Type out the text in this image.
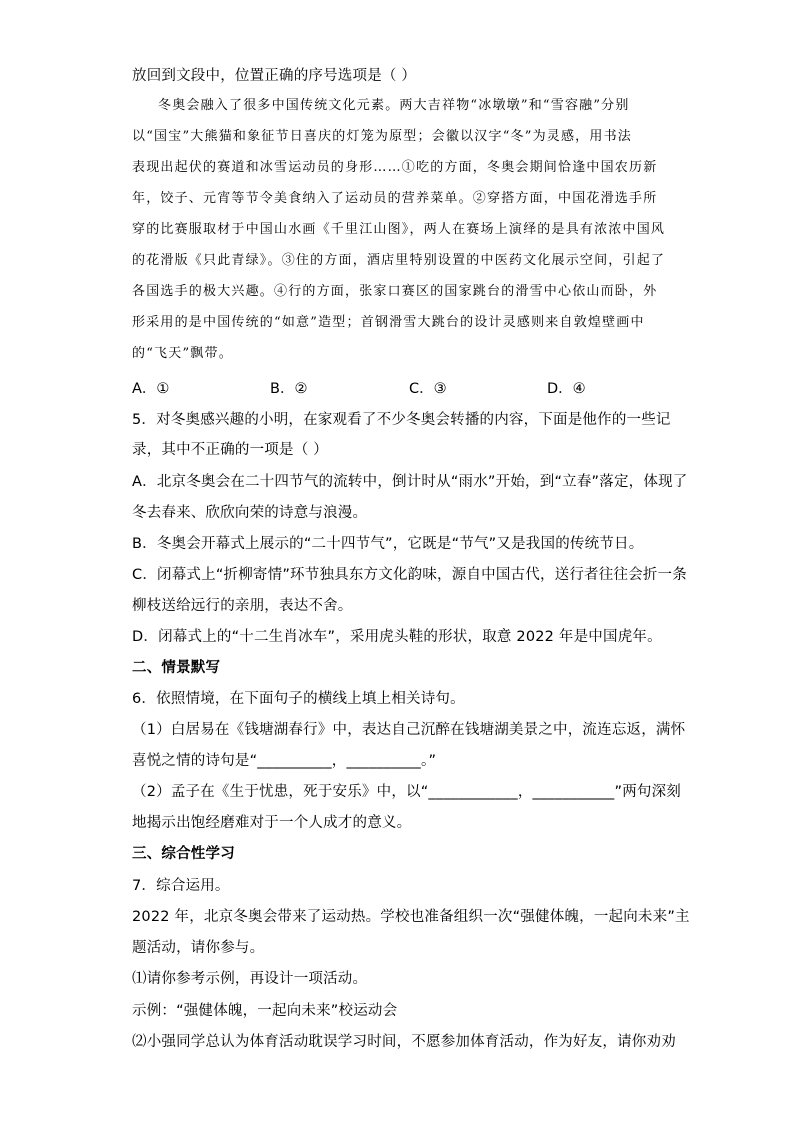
放回到文段中，位置正确的序号选项是（ ）
冬奥会融入了很多中国传统文化元素。两大吉祥物“冰墩墩”和“雪容融”分别
以“国宝”大熊猫和象征节日喜庆的灯笼为原型；会徽以汉字“冬”为灵感，用书法
表现出起伏的赛道和冰雪运动员的身形……①吃的方面，冬奥会期间恰逢中国农历新
年，饺子、元宵等节令美食纳入了运动员的营养菜单。②穿搭方面，中国花滑选手所
穿的比赛服取材于中国山水画《千里江山图》，两人在赛场上演绎的是具有浓浓中国风
的花滑版《只此青绿》。③住的方面，酒店里特别设置的中医药文化展示空间，引起了
各国选手的极大兴趣。④行的方面，张家口赛区的国家跳台的滑雪中心依山而卧，外
形采用的是中国传统的“如意”造型；首钢滑雪大跳台的设计灵感则来自敦煌壁画中
的“飞天”飘带。
A．①	B．②	C．③	D．④
5．对冬奥感兴趣的小明，在家观看了不少冬奥会转播的内容，下面是他作的一些记
录，其中不正确的一项是（ ）
A．北京冬奥会在二十四节气的流转中，倒计时从“雨水”开始，到“立春”落定，体现了
冬去春来、欣欣向荣的诗意与浪漫。
B．冬奥会开幕式上展示的“二十四节气”，它既是“节气”又是我国的传统节日。
C．闭幕式上“折柳寄情”环节独具东方文化韵味，源自中国古代，送行者往往会折一条
柳枝送给远行的亲朋，表达不舍。
D．闭幕式上的“十二生肖冰车”，采用虎头鞋的形状，取意 2022 年是中国虎年。
二、情景默写
6．依照情境，在下面句子的横线上填上相关诗句。
（1）白居易在《钱塘湖春行》中，表达自己沉醉在钱塘湖美景之中，流连忘返，满怀
喜悦之情的诗句是“__________，__________。”
（2）孟子在《生于忧患，死于安乐》中，以“____________，___________”两句深刻
地揭示出饱经磨难对于一个人成才的意义。
三、综合性学习
7．综合运用。
2022 年，北京冬奥会带来了运动热。学校也准备组织一次“强健体魄，一起向未来”主
题活动，请你参与。
⑴请你参考示例，再设计一项活动。
示例：“强健体魄，一起向未来”校运动会
⑵小强同学总认为体育活动耽误学习时间，不愿参加体育活动，作为好友，请你劝劝
